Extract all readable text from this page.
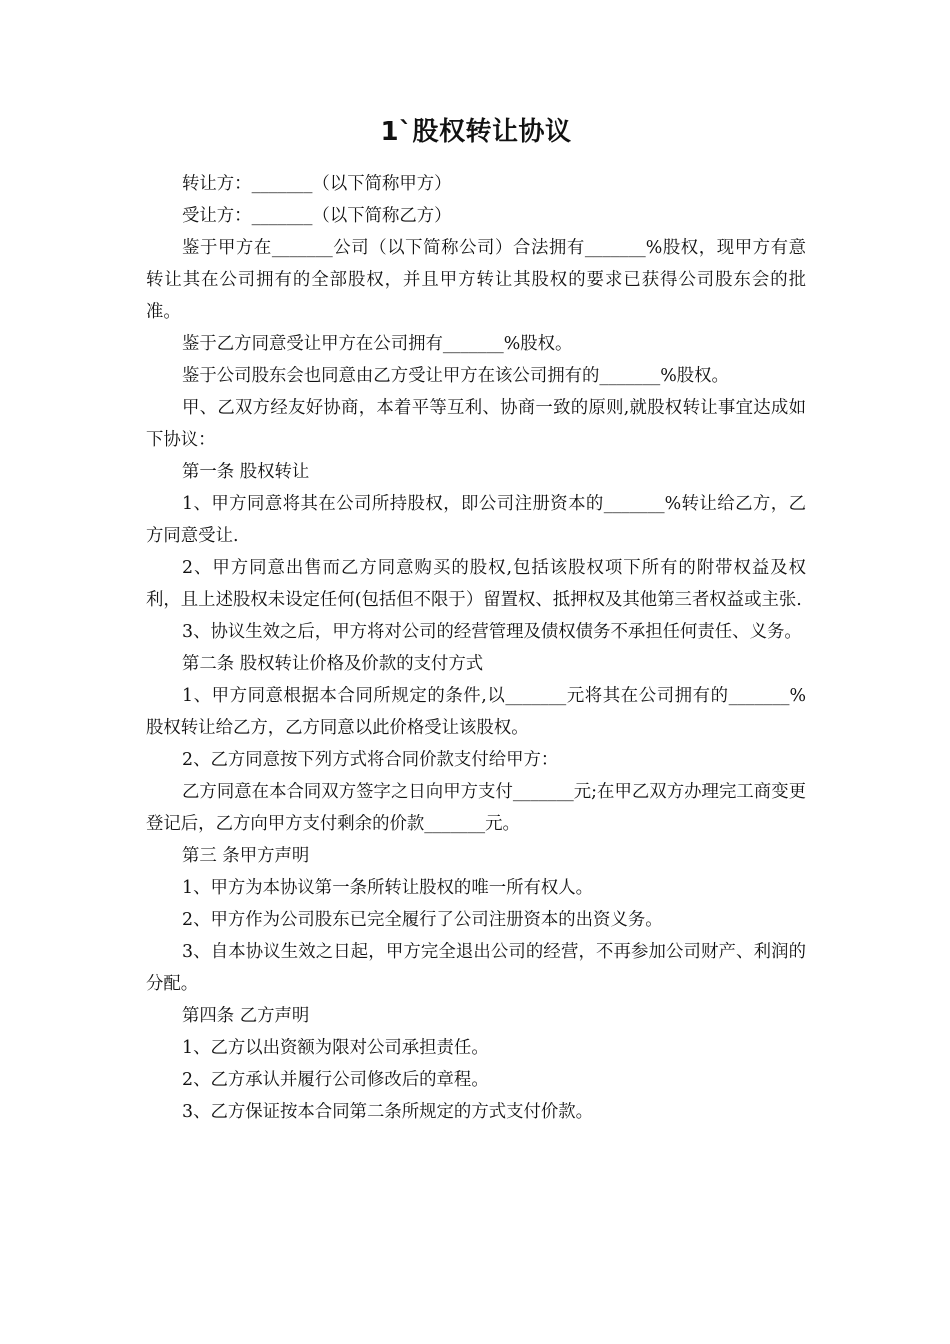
1`股权转让协议

转让方：_______（以下简称甲方）

受让方：_______（以下简称乙方）

鉴于甲方在_______公司（以下简称公司）合法拥有_______%股权，现甲方有意转让其在公司拥有的全部股权，并且甲方转让其股权的要求已获得公司股东会的批准。

鉴于乙方同意受让甲方在公司拥有_______%股权。

鉴于公司股东会也同意由乙方受让甲方在该公司拥有的_______%股权。

甲、乙双方经友好协商，本着平等互利、协商一致的原则,就股权转让事宜达成如下协议：

第一条 股权转让

1、甲方同意将其在公司所持股权，即公司注册资本的_______%转让给乙方，乙方同意受让.

2、甲方同意出售而乙方同意购买的股权,包括该股权项下所有的附带权益及权利，且上述股权未设定任何(包括但不限于）留置权、抵押权及其他第三者权益或主张.

3、协议生效之后，甲方将对公司的经营管理及债权债务不承担任何责任、义务。

第二条 股权转让价格及价款的支付方式

1、甲方同意根据本合同所规定的条件,以_______元将其在公司拥有的_______%股权转让给乙方，乙方同意以此价格受让该股权。

2、乙方同意按下列方式将合同价款支付给甲方：

乙方同意在本合同双方签字之日向甲方支付_______元;在甲乙双方办理完工商变更登记后，乙方向甲方支付剩余的价款_______元。

第三 条甲方声明

1、甲方为本协议第一条所转让股权的唯一所有权人。

2、甲方作为公司股东已完全履行了公司注册资本的出资义务。

3、自本协议生效之日起，甲方完全退出公司的经营，不再参加公司财产、利润的分配。

第四条 乙方声明

1、乙方以出资额为限对公司承担责任。

2、乙方承认并履行公司修改后的章程。

3、乙方保证按本合同第二条所规定的方式支付价款。
